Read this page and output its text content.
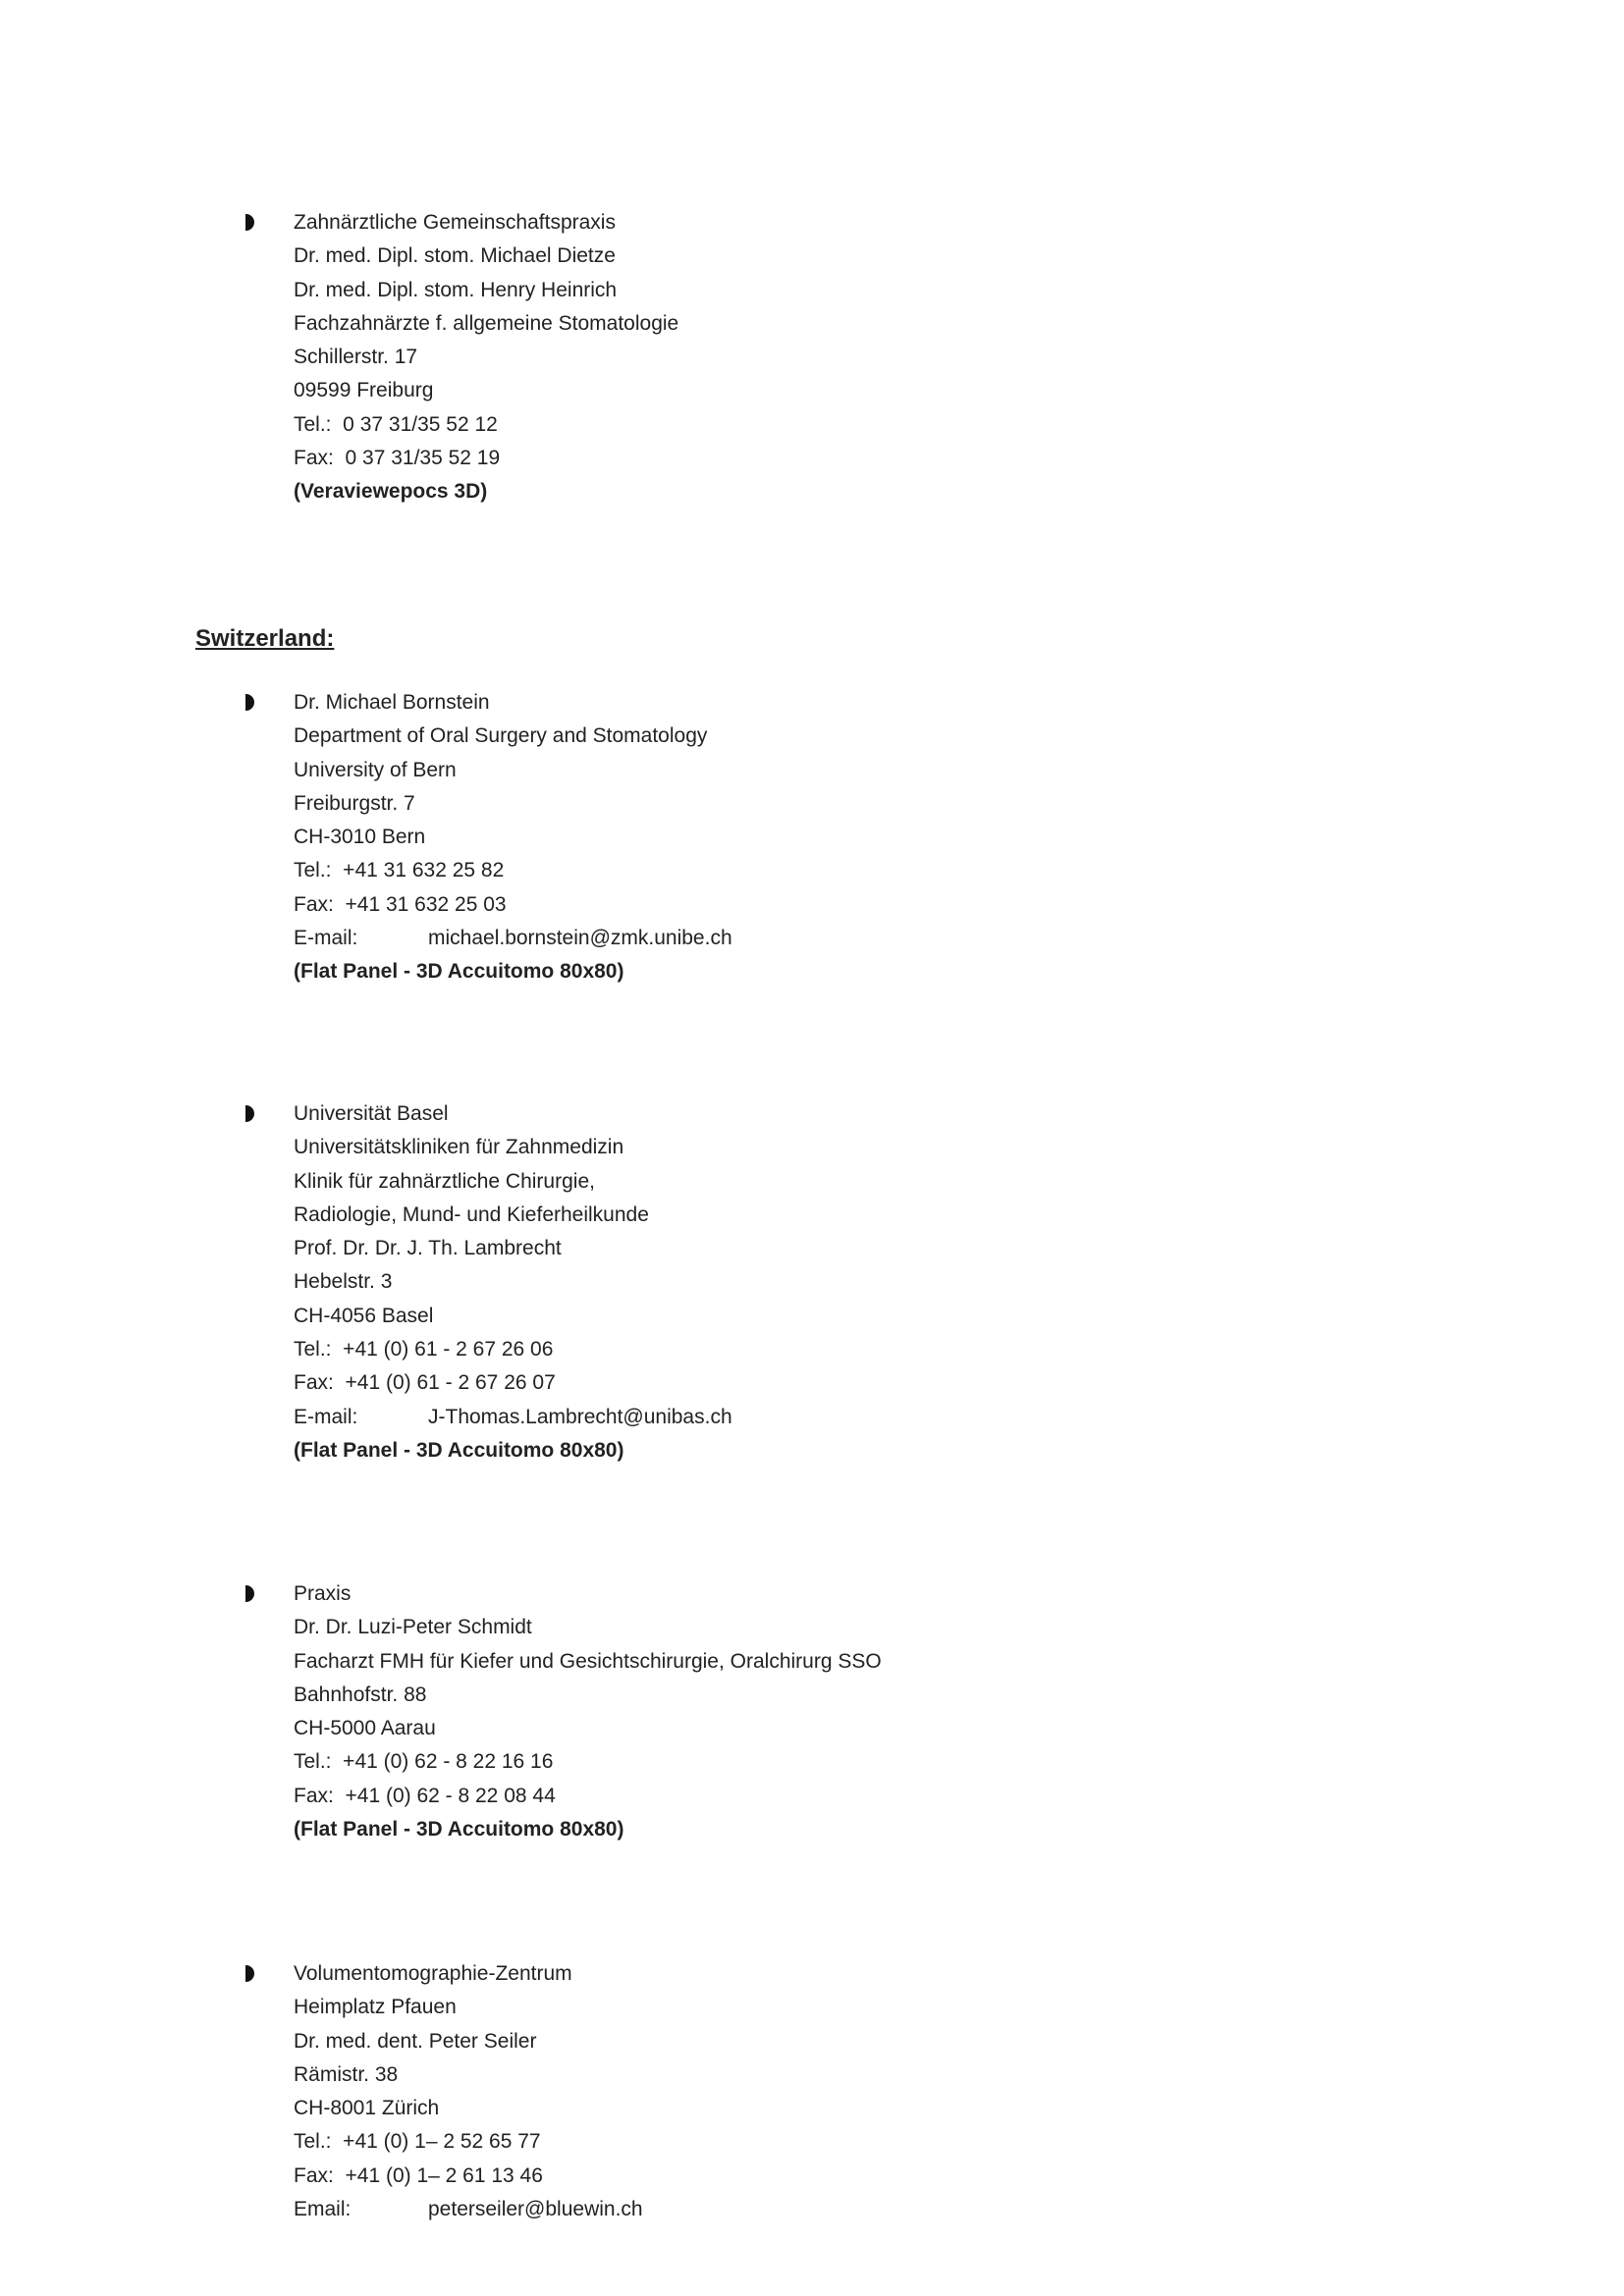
Switzerland:
Zahnärztliche Gemeinschaftspraxis
Dr. med. Dipl. stom. Michael Dietze
Dr. med. Dipl. stom. Henry Heinrich
Fachzahnärzte f. allgemeine Stomatologie
Schillerstr. 17
09599 Freiburg
Tel.:  0 37 31/35 52 12
Fax:  0 37 31/35 52 19
(Veraviewepocs 3D)
Dr. Michael Bornstein
Department of Oral Surgery and Stomatology
University of Bern
Freiburgstr. 7
CH-3010 Bern
Tel.:  +41 31 632 25 82
Fax:  +41 31 632 25 03
E-mail:	michael.bornstein@zmk.unibe.ch
(Flat Panel - 3D Accuitomo 80x80)
Universität Basel
Universitätskliniken für Zahnmedizin
Klinik für zahnärztliche Chirurgie,
Radiologie, Mund- und Kieferheilkunde
Prof. Dr. Dr. J. Th. Lambrecht
Hebelstr. 3
CH-4056 Basel
Tel.:  +41 (0) 61 - 2 67 26 06
Fax:  +41 (0) 61 - 2 67 26 07
E-mail:	J-Thomas.Lambrecht@unibas.ch
(Flat Panel - 3D Accuitomo 80x80)
Praxis
Dr. Dr. Luzi-Peter Schmidt
Facharzt FMH für Kiefer und Gesichtschirurgie, Oralchirurg SSO
Bahnhofstr. 88
CH-5000 Aarau
Tel.:  +41 (0) 62 - 8 22 16 16
Fax:  +41 (0) 62 - 8 22 08 44
(Flat Panel - 3D Accuitomo 80x80)
Volumentomographie-Zentrum
Heimplatz Pfauen
Dr. med. dent. Peter Seiler
Rämistr. 38
CH-8001 Zürich
Tel.:  +41 (0) 1– 2 52 65 77
Fax:  +41 (0) 1– 2 61 13 46
Email:	peterseiler@bluewin.ch
